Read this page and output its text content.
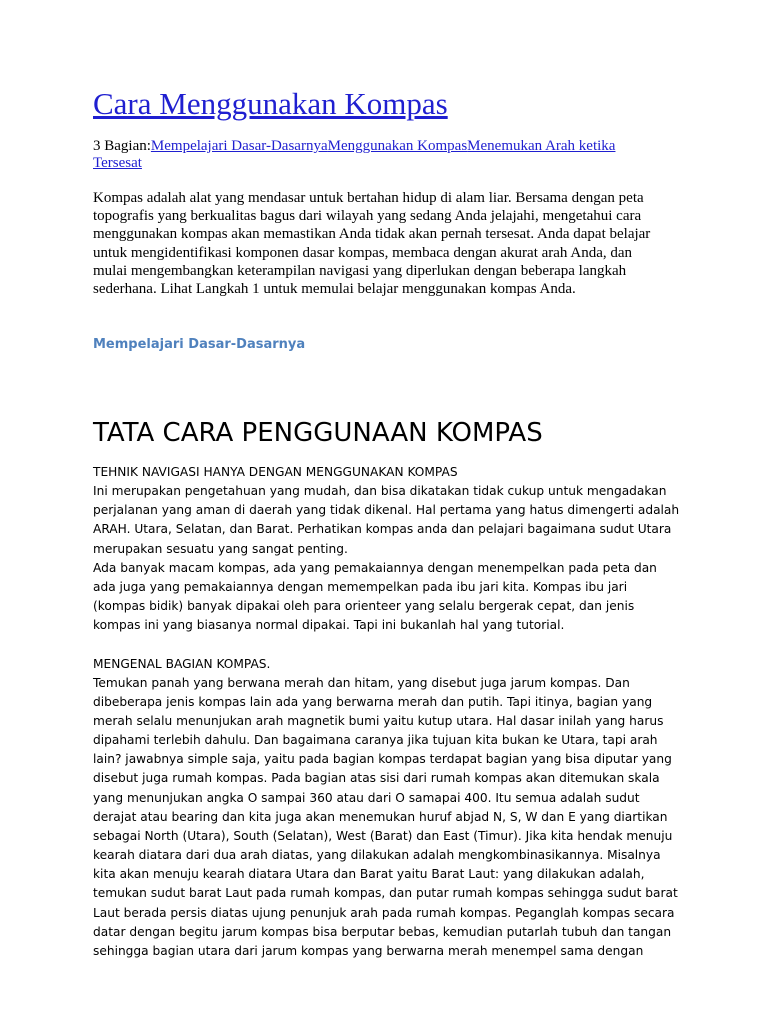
Cara Menggunakan Kompas
3 Bagian:Mempelajari Dasar-DasarnyaMenggunakan KompasMenemukan Arah ketika Tersesat

Kompas adalah alat yang mendasar untuk bertahan hidup di alam liar. Bersama dengan peta topografis yang berkualitas bagus dari wilayah yang sedang Anda jelajahi, mengetahui cara menggunakan kompas akan memastikan Anda tidak akan pernah tersesat. Anda dapat belajar untuk mengidentifikasi komponen dasar kompas, membaca dengan akurat arah Anda, dan mulai mengembangkan keterampilan navigasi yang diperlukan dengan beberapa langkah sederhana. Lihat Langkah 1 untuk memulai belajar menggunakan kompas Anda.

Mempelajari Dasar-Dasarnya
TATA CARA PENGGUNAAN KOMPAS

TEHNIK NAVIGASI HANYA DENGAN MENGGUNAKAN KOMPAS

Ini merupakan pengetahuan yang mudah, dan bisa dikatakan tidak cukup untuk mengadakan perjalanan yang aman di daerah yang tidak dikenal. Hal pertama yang hatus dimengerti adalah ARAH. Utara, Selatan, dan Barat. Perhatikan kompas anda dan pelajari bagaimana sudut Utara merupakan sesuatu yang sangat penting.

Ada banyak macam kompas, ada yang pemakaiannya dengan menempelkan pada peta dan ada juga yang pemakaiannya dengan memempelkan pada ibu jari kita. Kompas ibu jari (kompas bidik) banyak dipakai oleh para orienteer yang selalu bergerak cepat, dan jenis kompas ini yang biasanya normal dipakai. Tapi ini bukanlah hal yang tutorial.

MENGENAL BAGIAN KOMPAS.

Temukan panah yang berwana merah dan hitam, yang disebut juga jarum kompas. Dan dibeberapa jenis kompas lain ada yang berwarna merah dan putih. Tapi itinya, bagian yang merah selalu menunjukan arah magnetik bumi yaitu kutup utara. Hal dasar inilah yang harus dipahami terlebih dahulu. Dan bagaimana caranya jika tujuan kita bukan ke Utara, tapi arah lain? jawabnya simple saja, yaitu pada bagian kompas terdapat bagian yang bisa diputar yang disebut juga rumah kompas. Pada bagian atas sisi dari rumah kompas akan ditemukan skala yang menunjukan angka O sampai 360 atau dari O samapai 400. Itu semua adalah sudut derajat atau bearing dan kita juga akan menemukan huruf abjad N, S, W dan E yang diartikan sebagai North (Utara), South (Selatan), West (Barat) dan East (Timur). Jika kita hendak menuju kearah diatara dari dua arah diatas, yang dilakukan adalah mengkombinasikannya. Misalnya kita akan menuju kearah diatara Utara dan Barat yaitu Barat Laut: yang dilakukan adalah, temukan sudut barat Laut pada rumah kompas, dan putar rumah kompas sehingga sudut barat Laut berada persis diatas ujung penunjuk arah pada rumah kompas. Peganglah kompas secara datar dengan begitu jarum kompas bisa berputar bebas, kemudian putarlah tubuh dan tangan sehingga bagian utara dari jarum kompas yang berwarna merah menempel sama dengan
